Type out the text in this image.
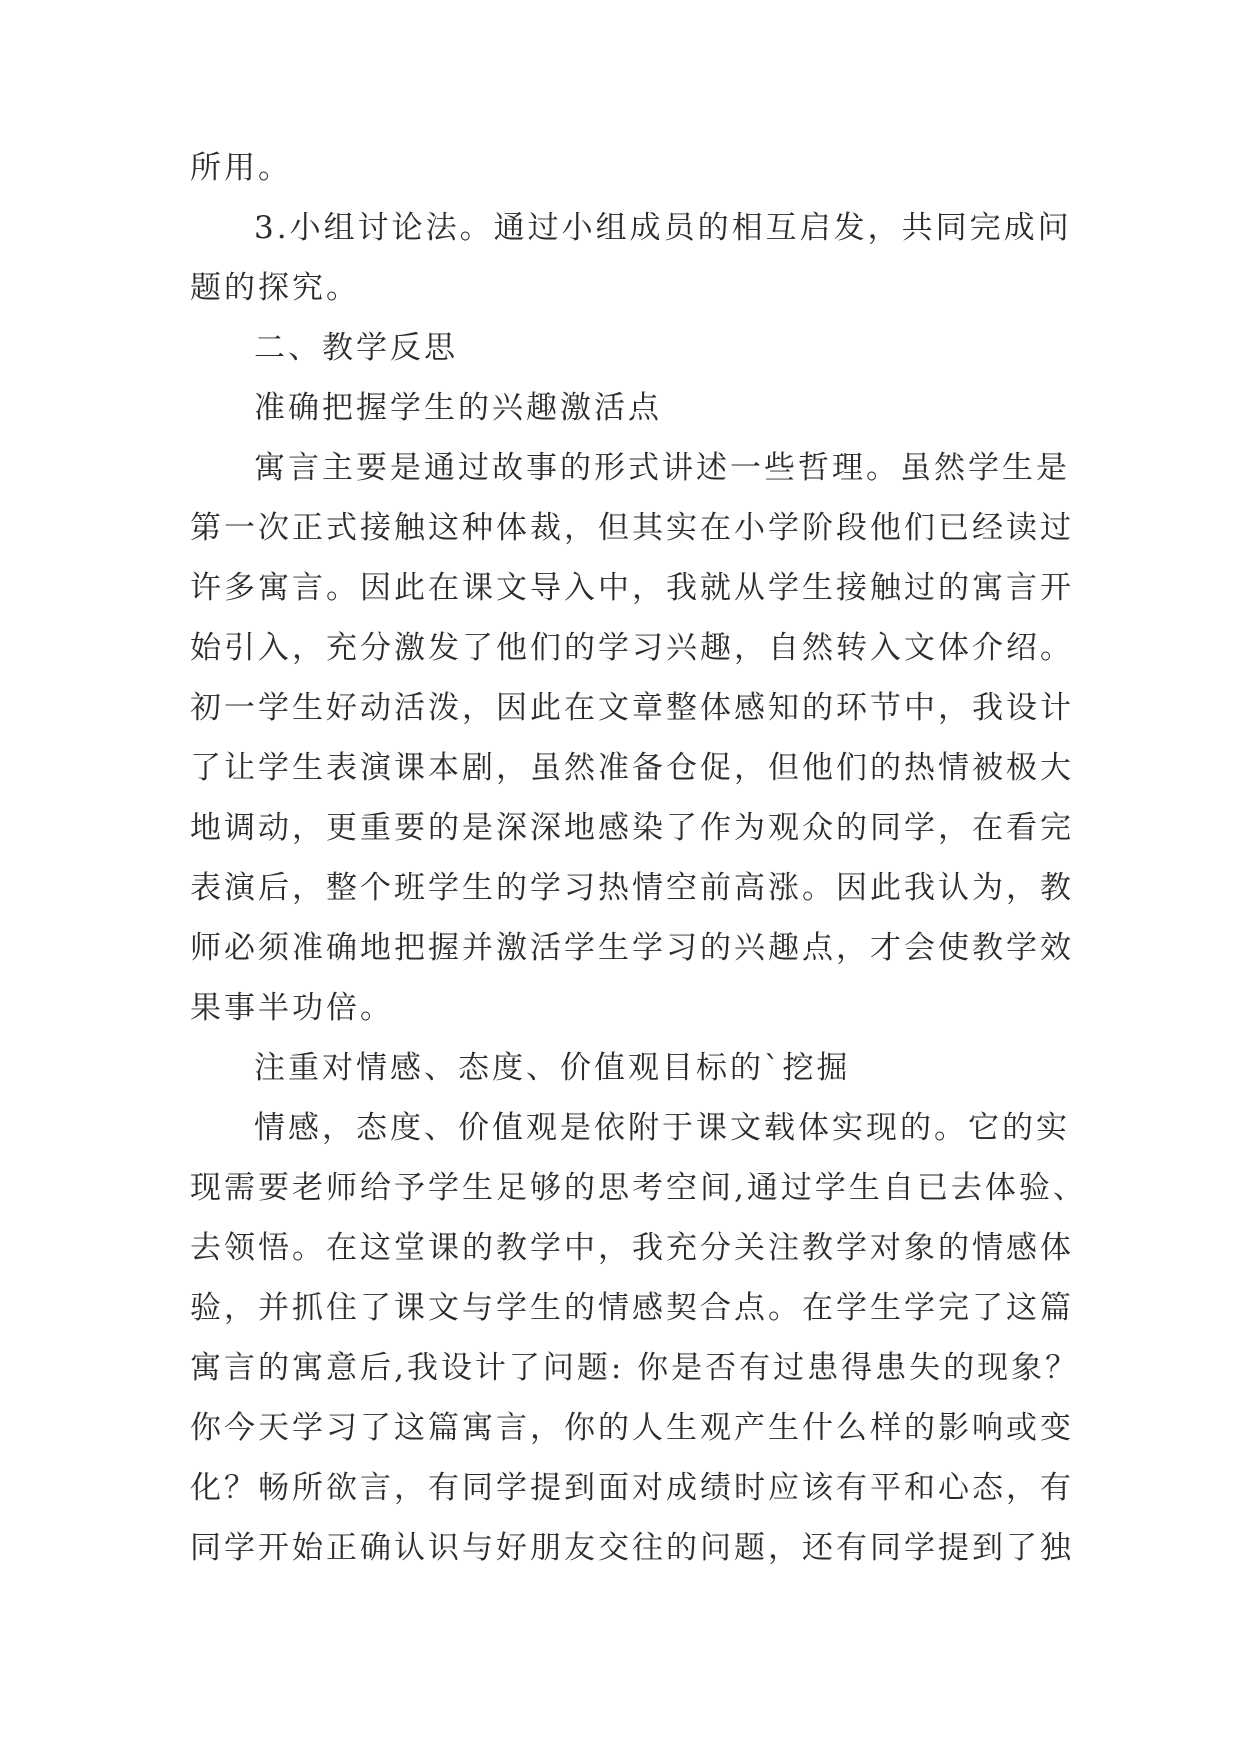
所用。
3.小组讨论法。通过小组成员的相互启发，共同完成问
题的探究。
二、教学反思
准确把握学生的兴趣激活点
寓言主要是通过故事的形式讲述一些哲理。虽然学生是
第一次正式接触这种体裁，但其实在小学阶段他们已经读过
许多寓言。因此在课文导入中，我就从学生接触过的寓言开
始引入，充分激发了他们的学习兴趣，自然转入文体介绍。
初一学生好动活泼，因此在文章整体感知的环节中，我设计
了让学生表演课本剧，虽然准备仓促，但他们的热情被极大
地调动，更重要的是深深地感染了作为观众的同学，在看完
表演后，整个班学生的学习热情空前高涨。因此我认为，教
师必须准确地把握并激活学生学习的兴趣点，才会使教学效
果事半功倍。
注重对情感、态度、价值观目标的`挖掘
情感，态度、价值观是依附于课文载体实现的。它的实
现需要老师给予学生足够的思考空间,通过学生自已去体验、
去领悟。在这堂课的教学中，我充分关注教学对象的情感体
验，并抓住了课文与学生的情感契合点。在学生学完了这篇
寓言的寓意后,我设计了问题: 你是否有过患得患失的现象？
你今天学习了这篇寓言，你的人生观产生什么样的影响或变
化？畅所欲言，有同学提到面对成绩时应该有平和心态，有
同学开始正确认识与好朋友交往的问题，还有同学提到了独
